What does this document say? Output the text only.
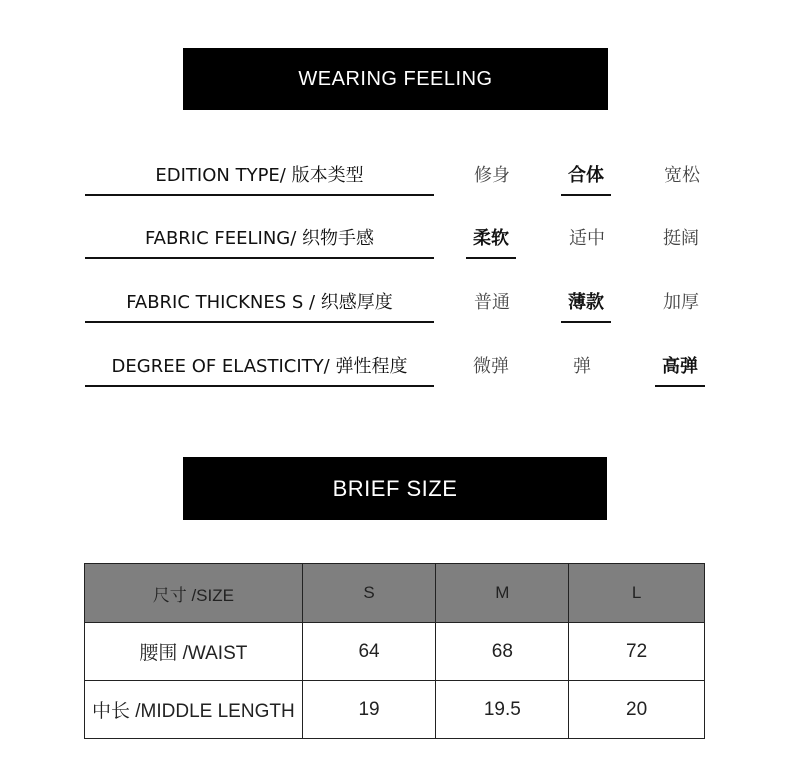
WEARING FEELING
EDITION TYPE/ 版本类型	修身	合体	宽松
FABRIC FEELING/ 织物手感	柔软	适中	挺阔
FABRIC THICKNES S / 织感厚度	普通	薄款	加厚
DEGREE OF ELASTICITY/ 弹性程度	微弹	弹	高弹
BRIEF SIZE
尺寸 /SIZE	S	M	L
腰围 /WAIST	64	68	72
中长 /MIDDLE LENGTH	19	19.5	20
